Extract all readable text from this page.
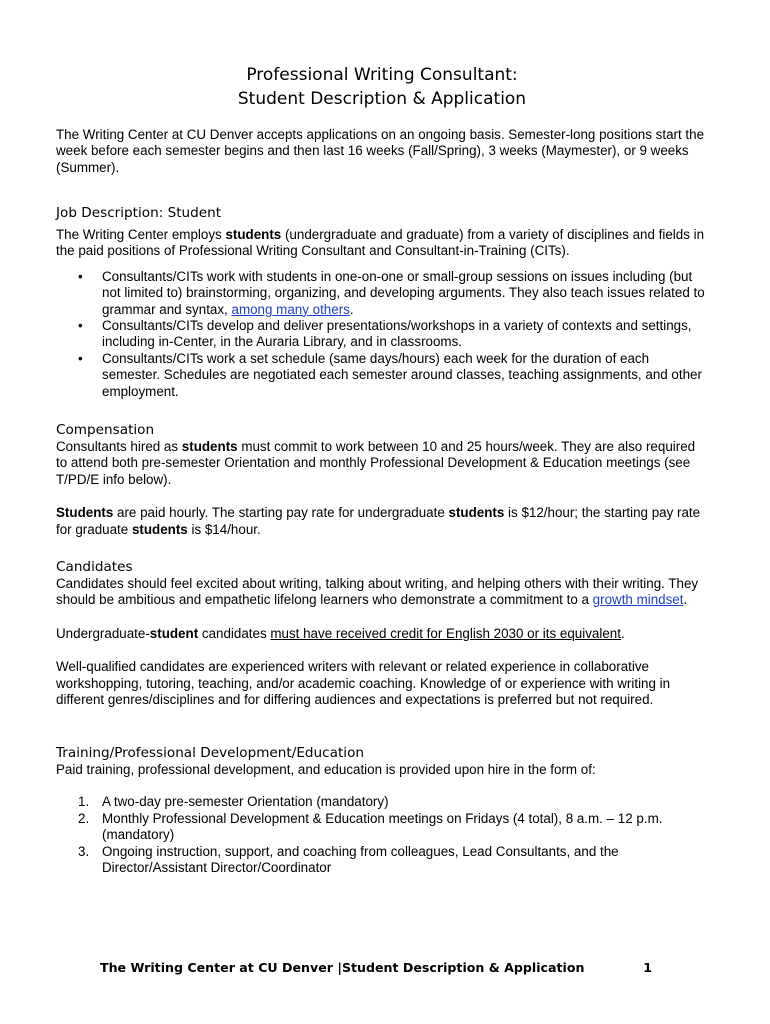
Professional Writing Consultant:
Student Description & Application

The Writing Center at CU Denver accepts applications on an ongoing basis. Semester-long positions start the week before each semester begins and then last 16 weeks (Fall/Spring), 3 weeks (Maymester), or 9 weeks (Summer).

Job Description: Student

The Writing Center employs students (undergraduate and graduate) from a variety of disciplines and fields in the paid positions of Professional Writing Consultant and Consultant-in-Training (CITs).

• Consultants/CITs work with students in one-on-one or small-group sessions on issues including (but not limited to) brainstorming, organizing, and developing arguments. They also teach issues related to grammar and syntax, among many others.
• Consultants/CITs develop and deliver presentations/workshops in a variety of contexts and settings, including in-Center, in the Auraria Library, and in classrooms.
• Consultants/CITs work a set schedule (same days/hours) each week for the duration of each semester. Schedules are negotiated each semester around classes, teaching assignments, and other employment.
Compensation

Consultants hired as students must commit to work between 10 and 25 hours/week. They are also required to attend both pre-semester Orientation and monthly Professional Development & Education meetings (see T/PD/E info below).

Students are paid hourly. The starting pay rate for undergraduate students is $12/hour; the starting pay rate for graduate students is $14/hour.

Candidates

Candidates should feel excited about writing, talking about writing, and helping others with their writing. They should be ambitious and empathetic lifelong learners who demonstrate a commitment to a growth mindset.

Undergraduate-student candidates must have received credit for English 2030 or its equivalent.

Well-qualified candidates are experienced writers with relevant or related experience in collaborative workshopping, tutoring, teaching, and/or academic coaching. Knowledge of or experience with writing in different genres/disciplines and for differing audiences and expectations is preferred but not required.

Training/Professional Development/Education

Paid training, professional development, and education is provided upon hire in the form of:

1. A two-day pre-semester Orientation (mandatory)
2. Monthly Professional Development & Education meetings on Fridays (4 total), 8 a.m. – 12 p.m. (mandatory)
3. Ongoing instruction, support, and coaching from colleagues, Lead Consultants, and the Director/Assistant Director/Coordinator
The Writing Center at CU Denver |Student Description & Application	1
